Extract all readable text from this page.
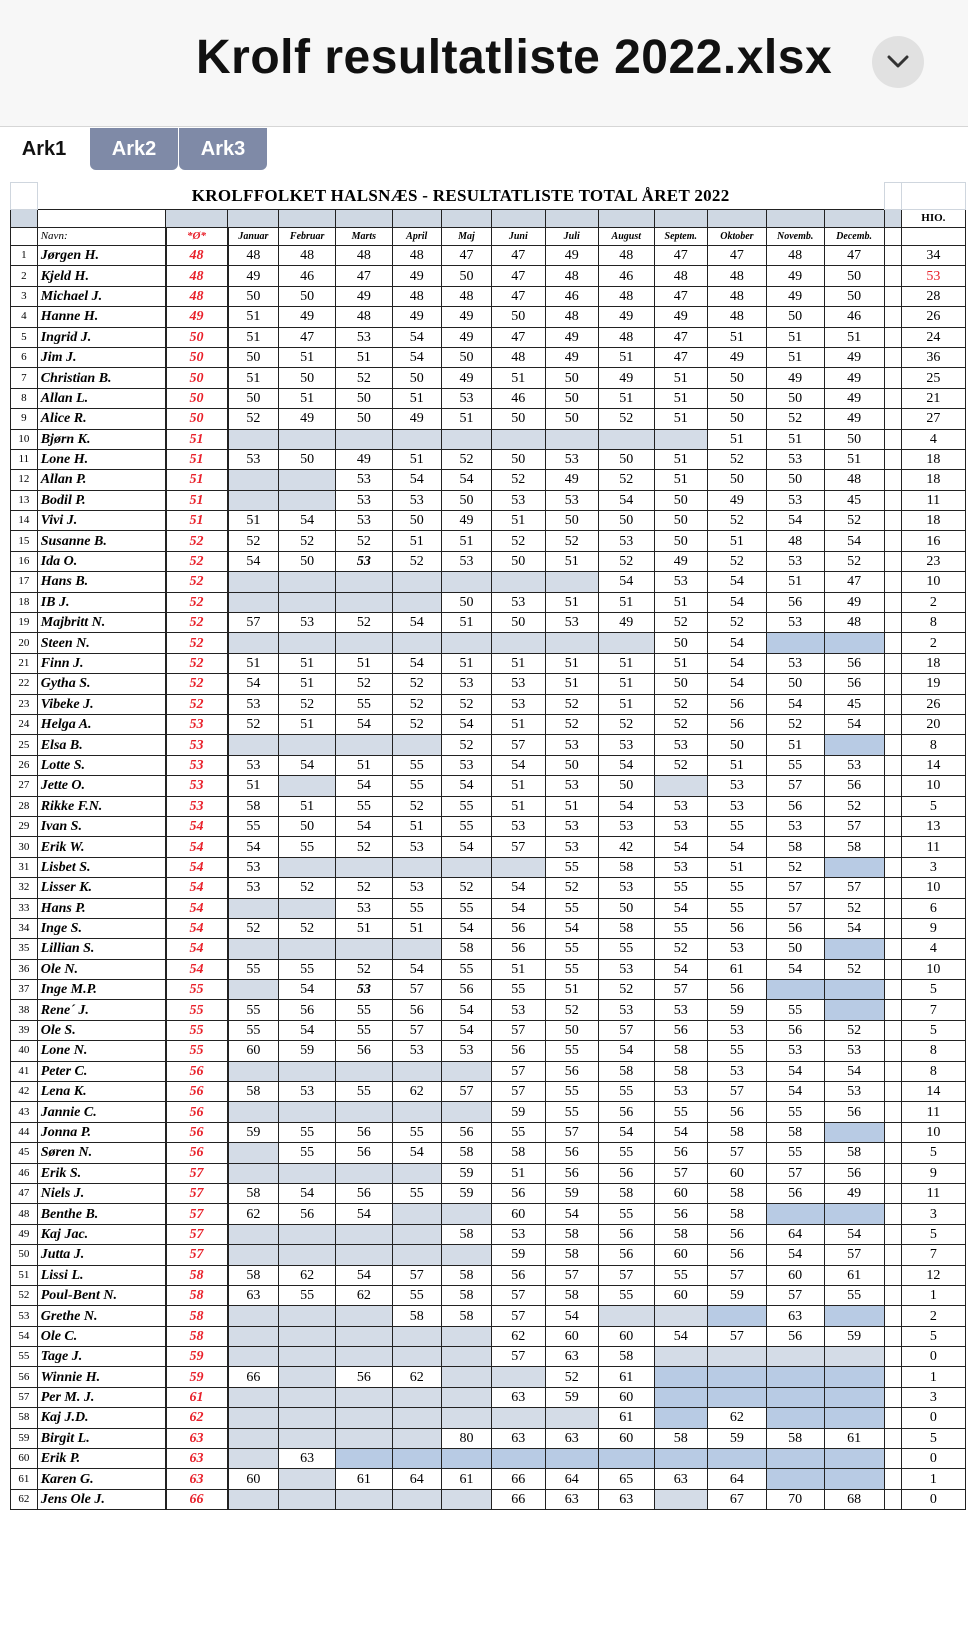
Krolf resultatliste 2022.xlsx
Ark1	Ark2	Ark3
	KROLFFOLKET HALSNÆS - RESULTATLISTE TOTAL ÅRET 2022															
																HIO.
	Navn:	*Ø*	Januar	Februar	Marts	April	Maj	Juni	Juli	August	Septem.	Oktober	Novemb.	Decemb.		
1	Jørgen H.	48	48	48	48	48	47	47	49	48	47	47	48	47		34
2	Kjeld H.	48	49	46	47	49	50	47	48	46	48	48	49	50		53
3	Michael J.	48	50	50	49	48	48	47	46	48	47	48	49	50		28
4	Hanne H.	49	51	49	48	49	49	50	48	49	49	48	50	46		26
5	Ingrid J.	50	51	47	53	54	49	47	49	48	47	51	51	51		24
6	Jim J.	50	50	51	51	54	50	48	49	51	47	49	51	49		36
7	Christian B.	50	51	50	52	50	49	51	50	49	51	50	49	49		25
8	Allan L.	50	50	51	50	51	53	46	50	51	51	50	50	49		21
9	Alice R.	50	52	49	50	49	51	50	50	52	51	50	52	49		27
10	Bjørn K.	51										51	51	50		4
11	Lone H.	51	53	50	49	51	52	50	53	50	51	52	53	51		18
12	Allan P.	51			53	54	54	52	49	52	51	50	50	48		18
13	Bodil P.	51			53	53	50	53	53	54	50	49	53	45		11
14	Vivi J.	51	51	54	53	50	49	51	50	50	50	52	54	52		18
15	Susanne B.	52	52	52	52	51	51	52	52	53	50	51	48	54		16
16	Ida O.	52	54	50	53	52	53	50	51	52	49	52	53	52		23
17	Hans B.	52								54	53	54	51	47		10
18	IB J.	52					50	53	51	51	51	54	56	49		2
19	Majbritt N.	52	57	53	52	54	51	50	53	49	52	52	53	48		8
20	Steen N.	52									50	54				2
21	Finn J.	52	51	51	51	54	51	51	51	51	51	54	53	56		18
22	Gytha S.	52	54	51	52	52	53	53	51	51	50	54	50	56		19
23	Vibeke J.	52	53	52	55	52	52	53	52	51	52	56	54	45		26
24	Helga A.	53	52	51	54	52	54	51	52	52	52	56	52	54		20
25	Elsa B.	53					52	57	53	53	53	50	51			8
26	Lotte S.	53	53	54	51	55	53	54	50	54	52	51	55	53		14
27	Jette O.	53	51		54	55	54	51	53	50		53	57	56		10
28	Rikke F.N.	53	58	51	55	52	55	51	51	54	53	53	56	52		5
29	Ivan S.	54	55	50	54	51	55	53	53	53	53	55	53	57		13
30	Erik W.	54	54	55	52	53	54	57	53	42	54	54	58	58		11
31	Lisbet S.	54	53						55	58	53	51	52			3
32	Lisser K.	54	53	52	52	53	52	54	52	53	55	55	57	57		10
33	Hans P.	54			53	55	55	54	55	50	54	55	57	52		6
34	Inge S.	54	52	52	51	51	54	56	54	58	55	56	56	54		9
35	Lillian S.	54					58	56	55	55	52	53	50			4
36	Ole N.	54	55	55	52	54	55	51	55	53	54	61	54	52		10
37	Inge M.P.	55		54	53	57	56	55	51	52	57	56				5
38	Rene´ J.	55	55	56	55	56	54	53	52	53	53	59	55			7
39	Ole S.	55	55	54	55	57	54	57	50	57	56	53	56	52		5
40	Lone N.	55	60	59	56	53	53	56	55	54	58	55	53	53		8
41	Peter C.	56						57	56	58	58	53	54	54		8
42	Lena K.	56	58	53	55	62	57	57	55	55	53	57	54	53		14
43	Jannie C.	56						59	55	56	55	56	55	56		11
44	Jonna P.	56	59	55	56	55	56	55	57	54	54	58	58			10
45	Søren N.	56		55	56	54	58	58	56	55	56	57	55	58		5
46	Erik S.	57					59	51	56	56	57	60	57	56		9
47	Niels J.	57	58	54	56	55	59	56	59	58	60	58	56	49		11
48	Benthe B.	57	62	56	54			60	54	55	56	58				3
49	Kaj Jac.	57					58	53	58	56	58	56	64	54		5
50	Jutta J.	57						59	58	56	60	56	54	57		7
51	Lissi L.	58	58	62	54	57	58	56	57	57	55	57	60	61		12
52	Poul-Bent N.	58	63	55	62	55	58	57	58	55	60	59	57	55		1
53	Grethe N.	58				58	58	57	54				63			2
54	Ole C.	58						62	60	60	54	57	56	59		5
55	Tage J.	59						57	63	58						0
56	Winnie H.	59	66		56	62			52	61						1
57	Per M. J.	61						63	59	60						3
58	Kaj J.D.	62								61		62				0
59	Birgit L.	63					80	63	63	60	58	59	58	61		5
60	Erik P.	63		63												0
61	Karen G.	63	60		61	64	61	66	64	65	63	64				1
62	Jens Ole J.	66						66	63	63		67	70	68		0
